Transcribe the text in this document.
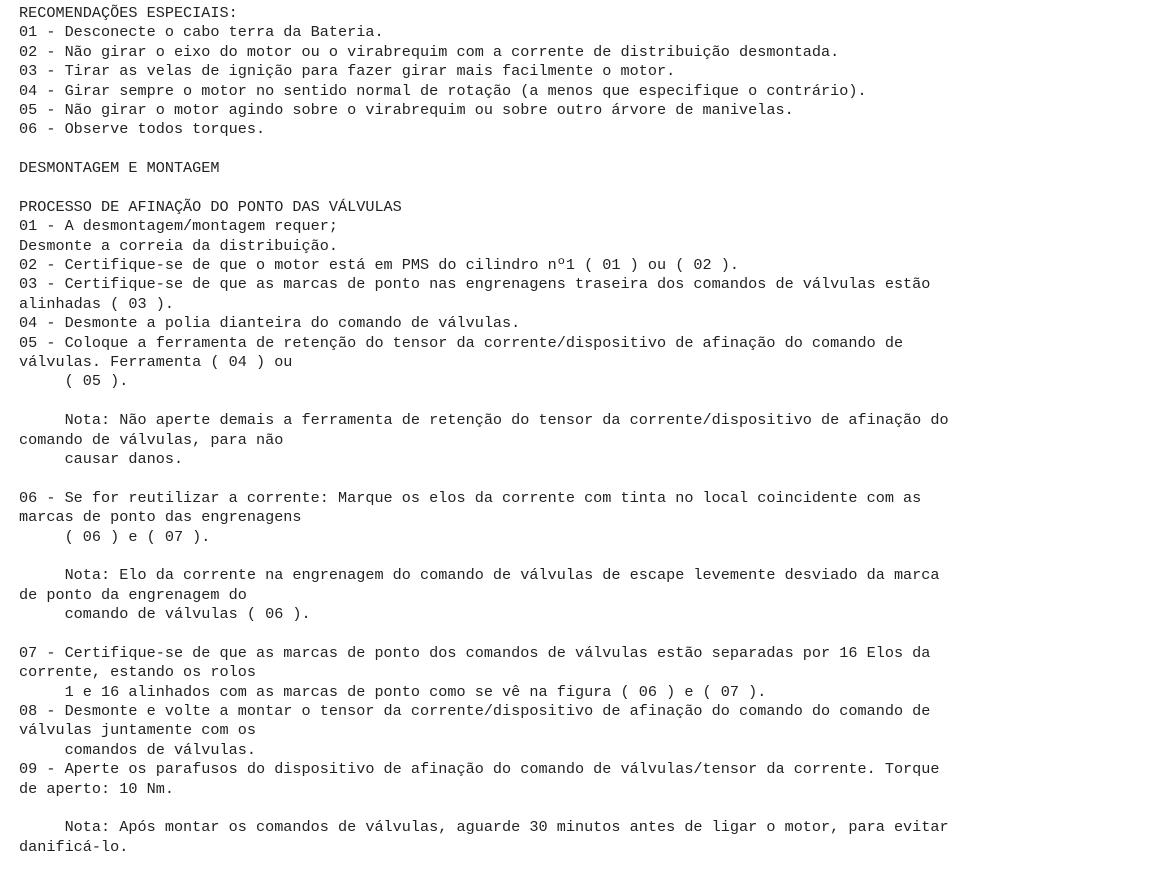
RECOMENDAÇÕES ESPECIAIS:
01 - Desconecte o cabo terra da Bateria.
02 - Não girar o eixo do motor ou o virabrequim com a corrente de distribuição desmontada.
03 - Tirar as velas de ignição para fazer girar mais facilmente o motor.
04 - Girar sempre o motor no sentido normal de rotação (a menos que especifique o contrário).
05 - Não girar o motor agindo sobre o virabrequim ou sobre outro árvore de manivelas.
06 - Observe todos torques.
DESMONTAGEM E MONTAGEM
PROCESSO DE AFINAÇÃO DO PONTO DAS VÁLVULAS
01 - A desmontagem/montagem requer;
Desmonte a correia da distribuição.
02 - Certifique-se de que o motor está em PMS do cilindro nº1 ( 01 ) ou ( 02 ).
03 - Certifique-se de que as marcas de ponto nas engrenagens traseira dos comandos de válvulas estão
alinhadas ( 03 ).
04 - Desmonte a polia dianteira do comando de válvulas.
05 - Coloque a ferramenta de retenção do tensor da corrente/dispositivo de afinação do comando de
válvulas. Ferramenta ( 04 ) ou
( 05 ).
Nota: Não aperte demais a ferramenta de retenção do tensor da corrente/dispositivo de afinação do
comando de válvulas, para não
causar danos.
06 - Se for reutilizar a corrente: Marque os elos da corrente com tinta no local coincidente com as
marcas de ponto das engrenagens
( 06 ) e ( 07 ).
Nota: Elo da corrente na engrenagem do comando de válvulas de escape levemente desviado da marca
de ponto da engrenagem do
comando de válvulas ( 06 ).
07 - Certifique-se de que as marcas de ponto dos comandos de válvulas estão separadas por 16 Elos da
corrente, estando os rolos
1 e 16 alinhados com as marcas de ponto como se vê na figura ( 06 ) e ( 07 ).
08 - Desmonte e volte a montar o tensor da corrente/dispositivo de afinação do comando do comando de
válvulas juntamente com os
comandos de válvulas.
09 - Aperte os parafusos do dispositivo de afinação do comando de válvulas/tensor da corrente. Torque
de aperto: 10 Nm.
Nota: Após montar os comandos de válvulas, aguarde 30 minutos antes de ligar o motor, para evitar
danificá-lo.
